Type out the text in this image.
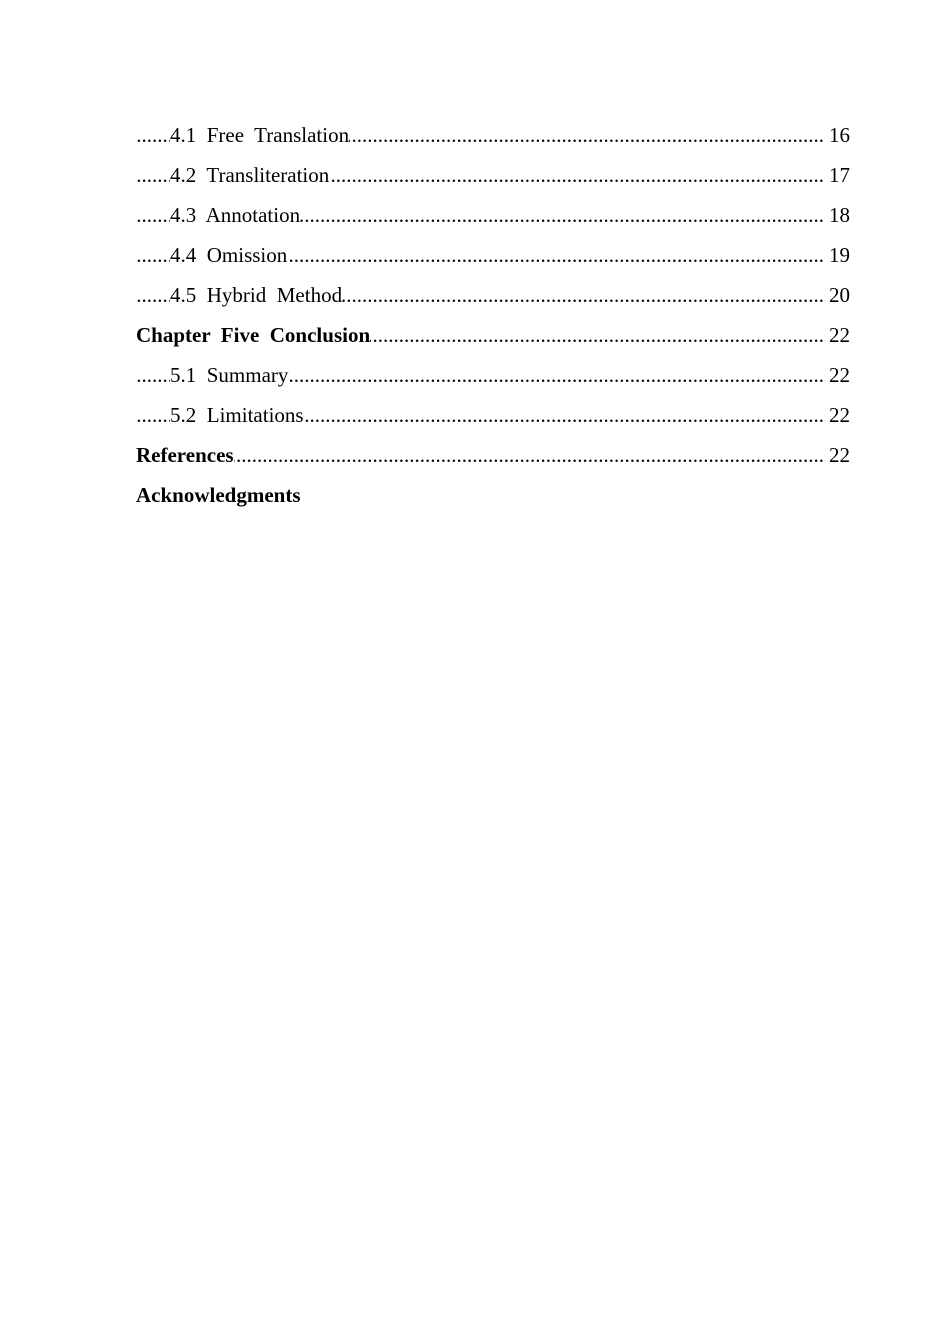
.....
4.1  Free  Translation	16
.....
4.2  Transliteration	17
.....
4.3  Annotation	18
.....
4.4  Omission	19
.....
4.5  Hybrid  Method	20
.....
Chapter  Five  Conclusion	22
.....
5.1  Summary	22
.....
5.2  Limitations	22
.....
References	22
Acknowledgments
